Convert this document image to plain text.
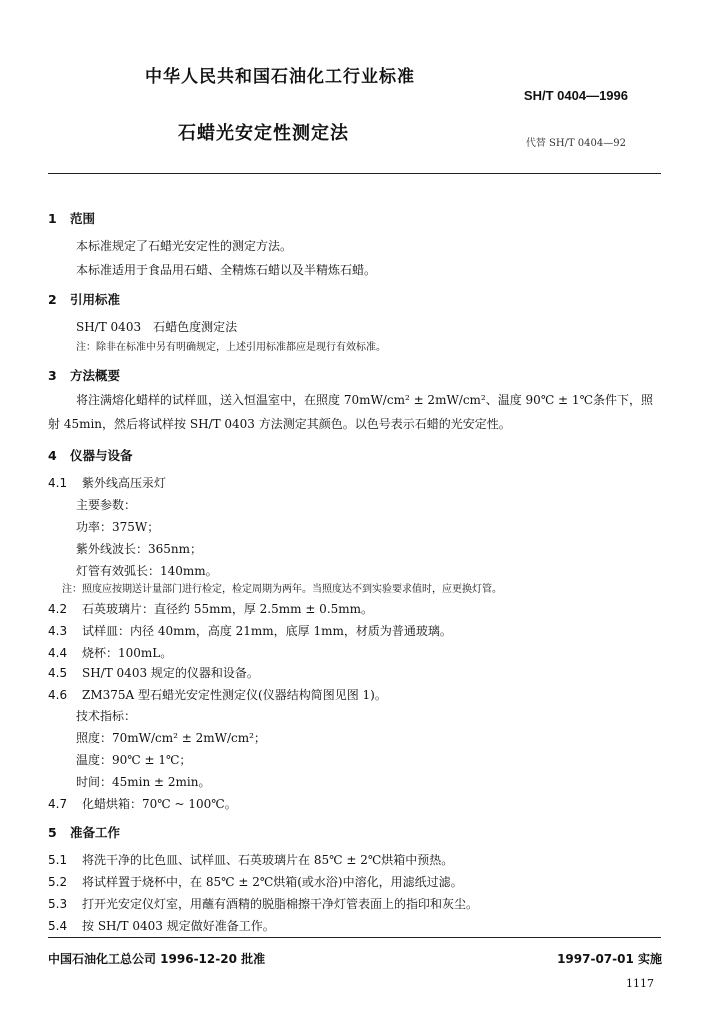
中华人民共和国石油化工行业标准
SH/T 0404—1996
石蜡光安定性测定法	代替 SH/T 0404—92
1 范围
本标准规定了石蜡光安定性的测定方法。
本标准适用于食品用石蜡、全精炼石蜡以及半精炼石蜡。
2 引用标准
SH/T 0403　石蜡色度测定法
注：除非在标准中另有明确规定，上述引用标准都应是现行有效标准。
3 方法概要
将注满熔化蜡样的试样皿，送入恒温室中，在照度 70mW/cm² ± 2mW/cm²、温度 90℃ ± 1℃条件下，照射 45min，然后将试样按 SH/T 0403 方法测定其颜色。以色号表示石蜡的光安定性。
4 仪器与设备
4.1 紫外线高压汞灯
主要参数：
功率：375W；
紫外线波长：365nm；
灯管有效弧长：140mm。
注：照度应按期送计量部门进行检定，检定周期为两年。当照度达不到实验要求值时，应更换灯管。
4.2 石英玻璃片：直径约 55mm，厚 2.5mm ± 0.5mm。
4.3 试样皿：内径 40mm，高度 21mm，底厚 1mm，材质为普通玻璃。
4.4 烧杯：100mL。
4.5 SH/T 0403 规定的仪器和设备。
4.6 ZM375A 型石蜡光安定性测定仪(仪器结构简图见图 1)。
技术指标：
照度：70mW/cm² ± 2mW/cm²；
温度：90℃ ± 1℃；
时间：45min ± 2min。
4.7 化蜡烘箱：70℃ ~ 100℃。
5 准备工作
5.1 将洗干净的比色皿、试样皿、石英玻璃片在 85℃ ± 2℃烘箱中预热。
5.2 将试样置于烧杯中，在 85℃ ± 2℃烘箱(或水浴)中溶化，用滤纸过滤。
5.3 打开光安定仪灯室，用蘸有酒精的脱脂棉擦干净灯管表面上的指印和灰尘。
5.4 按 SH/T 0403 规定做好准备工作。
中国石油化工总公司 1996-12-20 批准	1997-07-01 实施
1117
